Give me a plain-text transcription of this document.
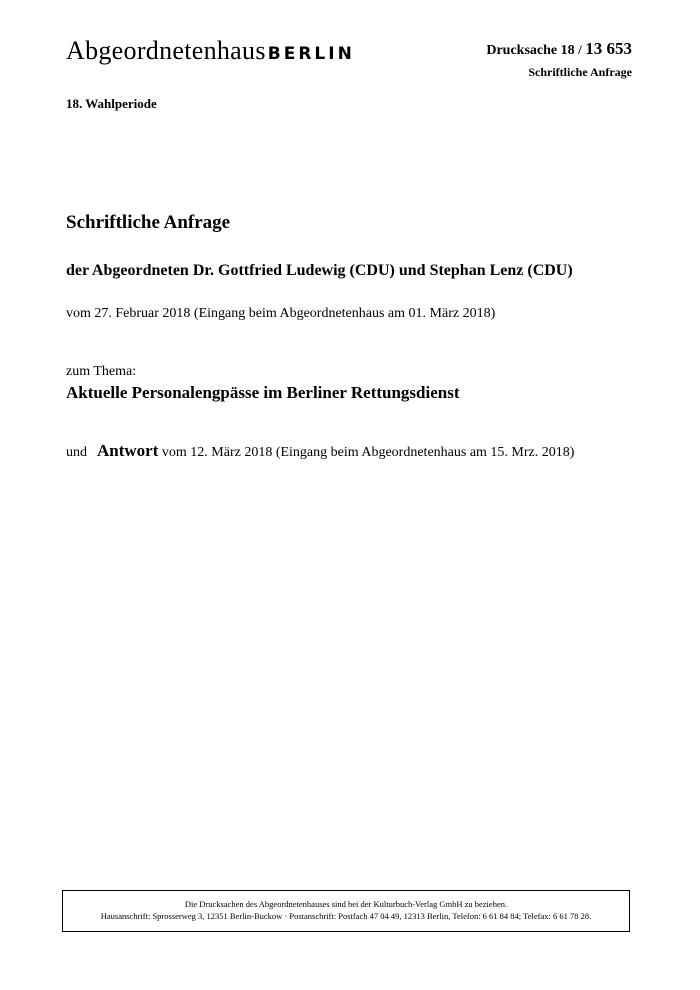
Abgeordnetenhaus BERLIN	Drucksache 18 / 13 653
Schriftliche Anfrage
18. Wahlperiode
Schriftliche Anfrage
der Abgeordneten Dr. Gottfried Ludewig (CDU) und Stephan Lenz (CDU)
vom 27. Februar 2018 (Eingang beim Abgeordnetenhaus am 01. März 2018)
zum Thema:
Aktuelle Personalengpässe im Berliner Rettungsdienst
und Antwort vom 12. März 2018 (Eingang beim Abgeordnetenhaus am 15. Mrz. 2018)
Die Drucksachen des Abgeordnetenhauses sind bei der Kulturbuch-Verlag GmbH zu beziehen.
Hausanschrift: Sprosserweg 3, 12351 Berlin-Buckow · Postanschrift: Postfach 47 04 49, 12313 Berlin, Telefon: 6 61 84 84; Telefax: 6 61 78 28.
